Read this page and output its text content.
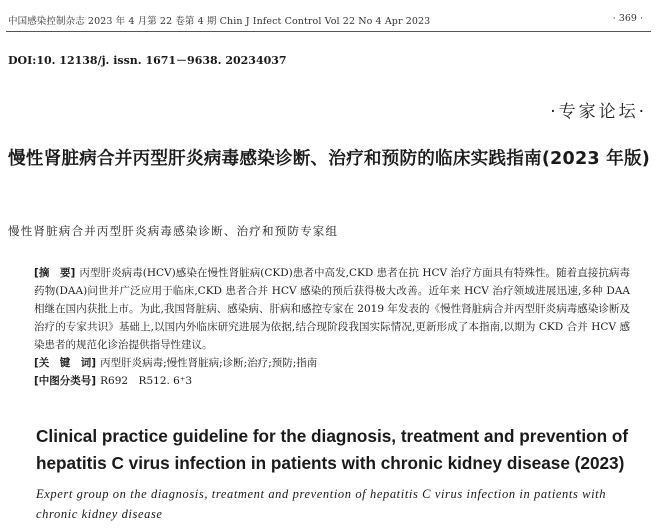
中国感染控制杂志 2023 年 4 月第 22 卷第 4 期 Chin J Infect Control Vol 22 No 4 Apr 2023	· 369 ·
DOI:10. 12138/j. issn. 1671－9638. 20234037
·专家论坛·
慢性肾脏病合并丙型肝炎病毒感染诊断、治疗和预防的临床实践指南(2023 年版)
慢性肾脏病合并丙型肝炎病毒感染诊断、治疗和预防专家组

[摘　要] 丙型肝炎病毒(HCV)感染在慢性肾脏病(CKD)患者中高发,CKD 患者在抗 HCV 治疗方面具有特殊性。随着直接抗病毒药物(DAA)问世并广泛应用于临床,CKD 患者合并 HCV 感染的预后获得极大改善。近年来 HCV 治疗领域进展迅速,多种 DAA 相继在国内获批上市。为此,我国肾脏病、感染病、肝病和感控专家在 2019 年发表的《慢性肾脏病合并丙型肝炎病毒感染诊断及治疗的专家共识》基础上,以国内外临床研究进展为依据,结合现阶段我国实际情况,更新形成了本指南,以期为 CKD 合并 HCV 感染患者的规范化诊治提供指导性建议。

[关　键　词] 丙型肝炎病毒;慢性肾脏病;诊断;治疗;预防;指南
[中图分类号] R692　R512. 6⁺3
Clinical practice guideline for the diagnosis, treatment and prevention of hepatitis C virus infection in patients with chronic kidney disease (2023)
Expert group on the diagnosis, treatment and prevention of hepatitis C virus infection in patients with chronic kidney disease
